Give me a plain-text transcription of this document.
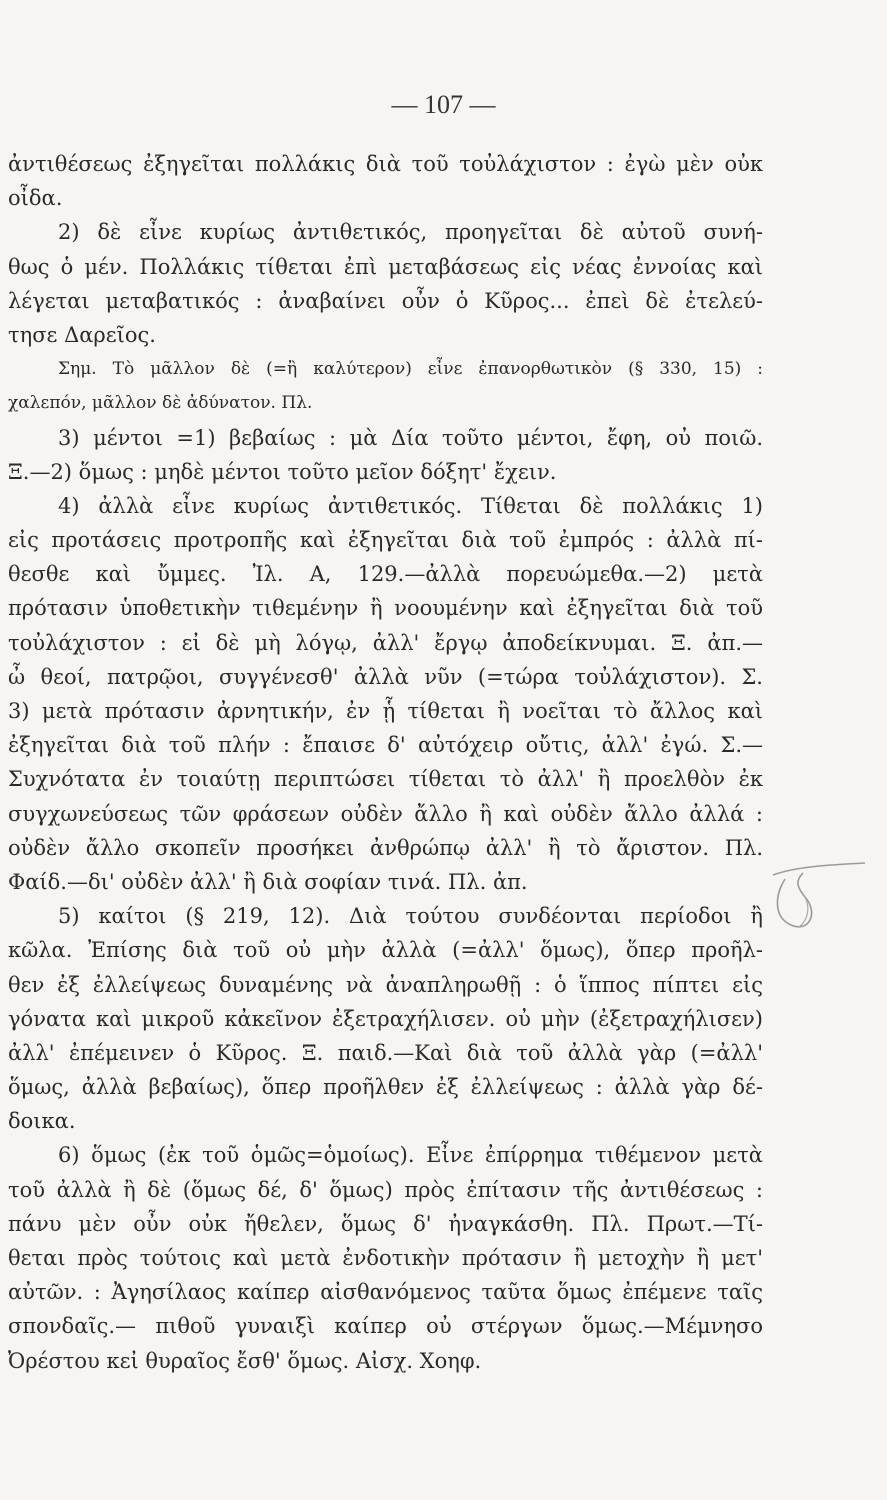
— 107 —
ἀντιθέσεως ἐξηγεῖται πολλάκις διὰ τοῦ τοὐλάχιστον : ἐγὼ μὲν οὐκ
οἶδα.
2) δὲ εἶνε κυρίως ἀντιθετικός, προηγεῖται δὲ αὐτοῦ συνή-
θως ὁ μέν. Πολλάκις τίθεται ἐπὶ μεταβάσεως εἰς νέας ἐννοίας καὶ
λέγεται μεταβατικός : ἀναβαίνει οὖν ὁ Κῦρος... ἐπεὶ δὲ ἐτελεύ-
τησε Δαρεῖος.
Σημ. Τὸ μᾶλλον δὲ (=ἢ καλύτερον) εἶνε ἐπανορθωτικὸν (§ 330, 15) :
χαλεπόν, μᾶλλον δὲ ἀδύνατον. Πλ.
3) μέντοι =1) βεβαίως : μὰ Δία τοῦτο μέντοι, ἔφη, οὐ ποιῶ.
Ξ.—2) ὅμως : μηδὲ μέντοι τοῦτο μεῖον δόξητ' ἔχειν.
4) ἀλλὰ εἶνε κυρίως ἀντιθετικός. Τίθεται δὲ πολλάκις 1)
εἰς προτάσεις προτροπῆς καὶ ἐξηγεῖται διὰ τοῦ ἐμπρός : ἀλλὰ πί-
θεσθε καὶ ὔμμες. Ἰλ. Α, 129.—ἀλλὰ πορευώμεθα.—2) μετὰ
πρότασιν ὑποθετικὴν τιθεμένην ἢ νοουμένην καὶ ἐξηγεῖται διὰ τοῦ
τοὐλάχιστον : εἰ δὲ μὴ λόγῳ, ἀλλ' ἔργῳ ἀποδείκνυμαι. Ξ. ἀπ.—
ὦ θεοί, πατρῷοι, συγγένεσθ' ἀλλὰ νῦν (=τώρα τοὐλάχιστον). Σ.
3) μετὰ πρότασιν ἀρνητικήν, ἐν ᾗ τίθεται ἢ νοεῖται τὸ ἄλλος καὶ
ἐξηγεῖται διὰ τοῦ πλήν : ἔπαισε δ' αὐτόχειρ οὔτις, ἀλλ' ἐγώ. Σ.—
Συχνότατα ἐν τοιαύτῃ περιπτώσει τίθεται τὸ ἀλλ' ἢ προελθὸν ἐκ
συγχωνεύσεως τῶν φράσεων οὐδὲν ἄλλο ἢ καὶ οὐδὲν ἄλλο ἀλλά :
οὐδὲν ἄλλο σκοπεῖν προσήκει ἀνθρώπῳ ἀλλ' ἢ τὸ ἄριστον. Πλ.
Φαίδ.—δι' οὐδὲν ἀλλ' ἢ διὰ σοφίαν τινά. Πλ. ἀπ.
5) καίτοι (§ 219, 12). Διὰ τούτου συνδέονται περίοδοι ἢ
κῶλα. Ἐπίσης διὰ τοῦ οὐ μὴν ἀλλὰ (=ἀλλ' ὅμως), ὅπερ προῆλ-
θεν ἐξ ἐλλείψεως δυναμένης νὰ ἀναπληρωθῇ : ὁ ἵππος πίπτει εἰς
γόνατα καὶ μικροῦ κἀκεῖνον ἐξετραχήλισεν. οὐ μὴν (ἐξετραχήλισεν)
ἀλλ' ἐπέμεινεν ὁ Κῦρος. Ξ. παιδ.—Καὶ διὰ τοῦ ἀλλὰ γὰρ (=ἀλλ'
ὅμως, ἀλλὰ βεβαίως), ὅπερ προῆλθεν ἐξ ἐλλείψεως : ἀλλὰ γὰρ δέ-
δοικα.
6) ὅμως (ἐκ τοῦ ὁμῶς=ὁμοίως). Εἶνε ἐπίρρημα τιθέμενον μετὰ
τοῦ ἀλλὰ ἢ δὲ (ὅμως δέ, δ' ὅμως) πρὸς ἐπίτασιν τῆς ἀντιθέσεως :
πάνυ μὲν οὖν οὐκ ἤθελεν, ὅμως δ' ἠναγκάσθη. Πλ. Πρωτ.—Τί-
θεται πρὸς τούτοις καὶ μετὰ ἐνδοτικὴν πρότασιν ἢ μετοχὴν ἢ μετ'
αὐτῶν. : Ἀγησίλαος καίπερ αἰσθανόμενος ταῦτα ὅμως ἐπέμενε ταῖς
σπονδαῖς.— πιθοῦ γυναιξὶ καίπερ οὐ στέργων ὅμως.—Μέμνησο
Ὀρέστου κεἰ θυραῖος ἔσθ' ὅμως. Αἰσχ. Χοηφ.
